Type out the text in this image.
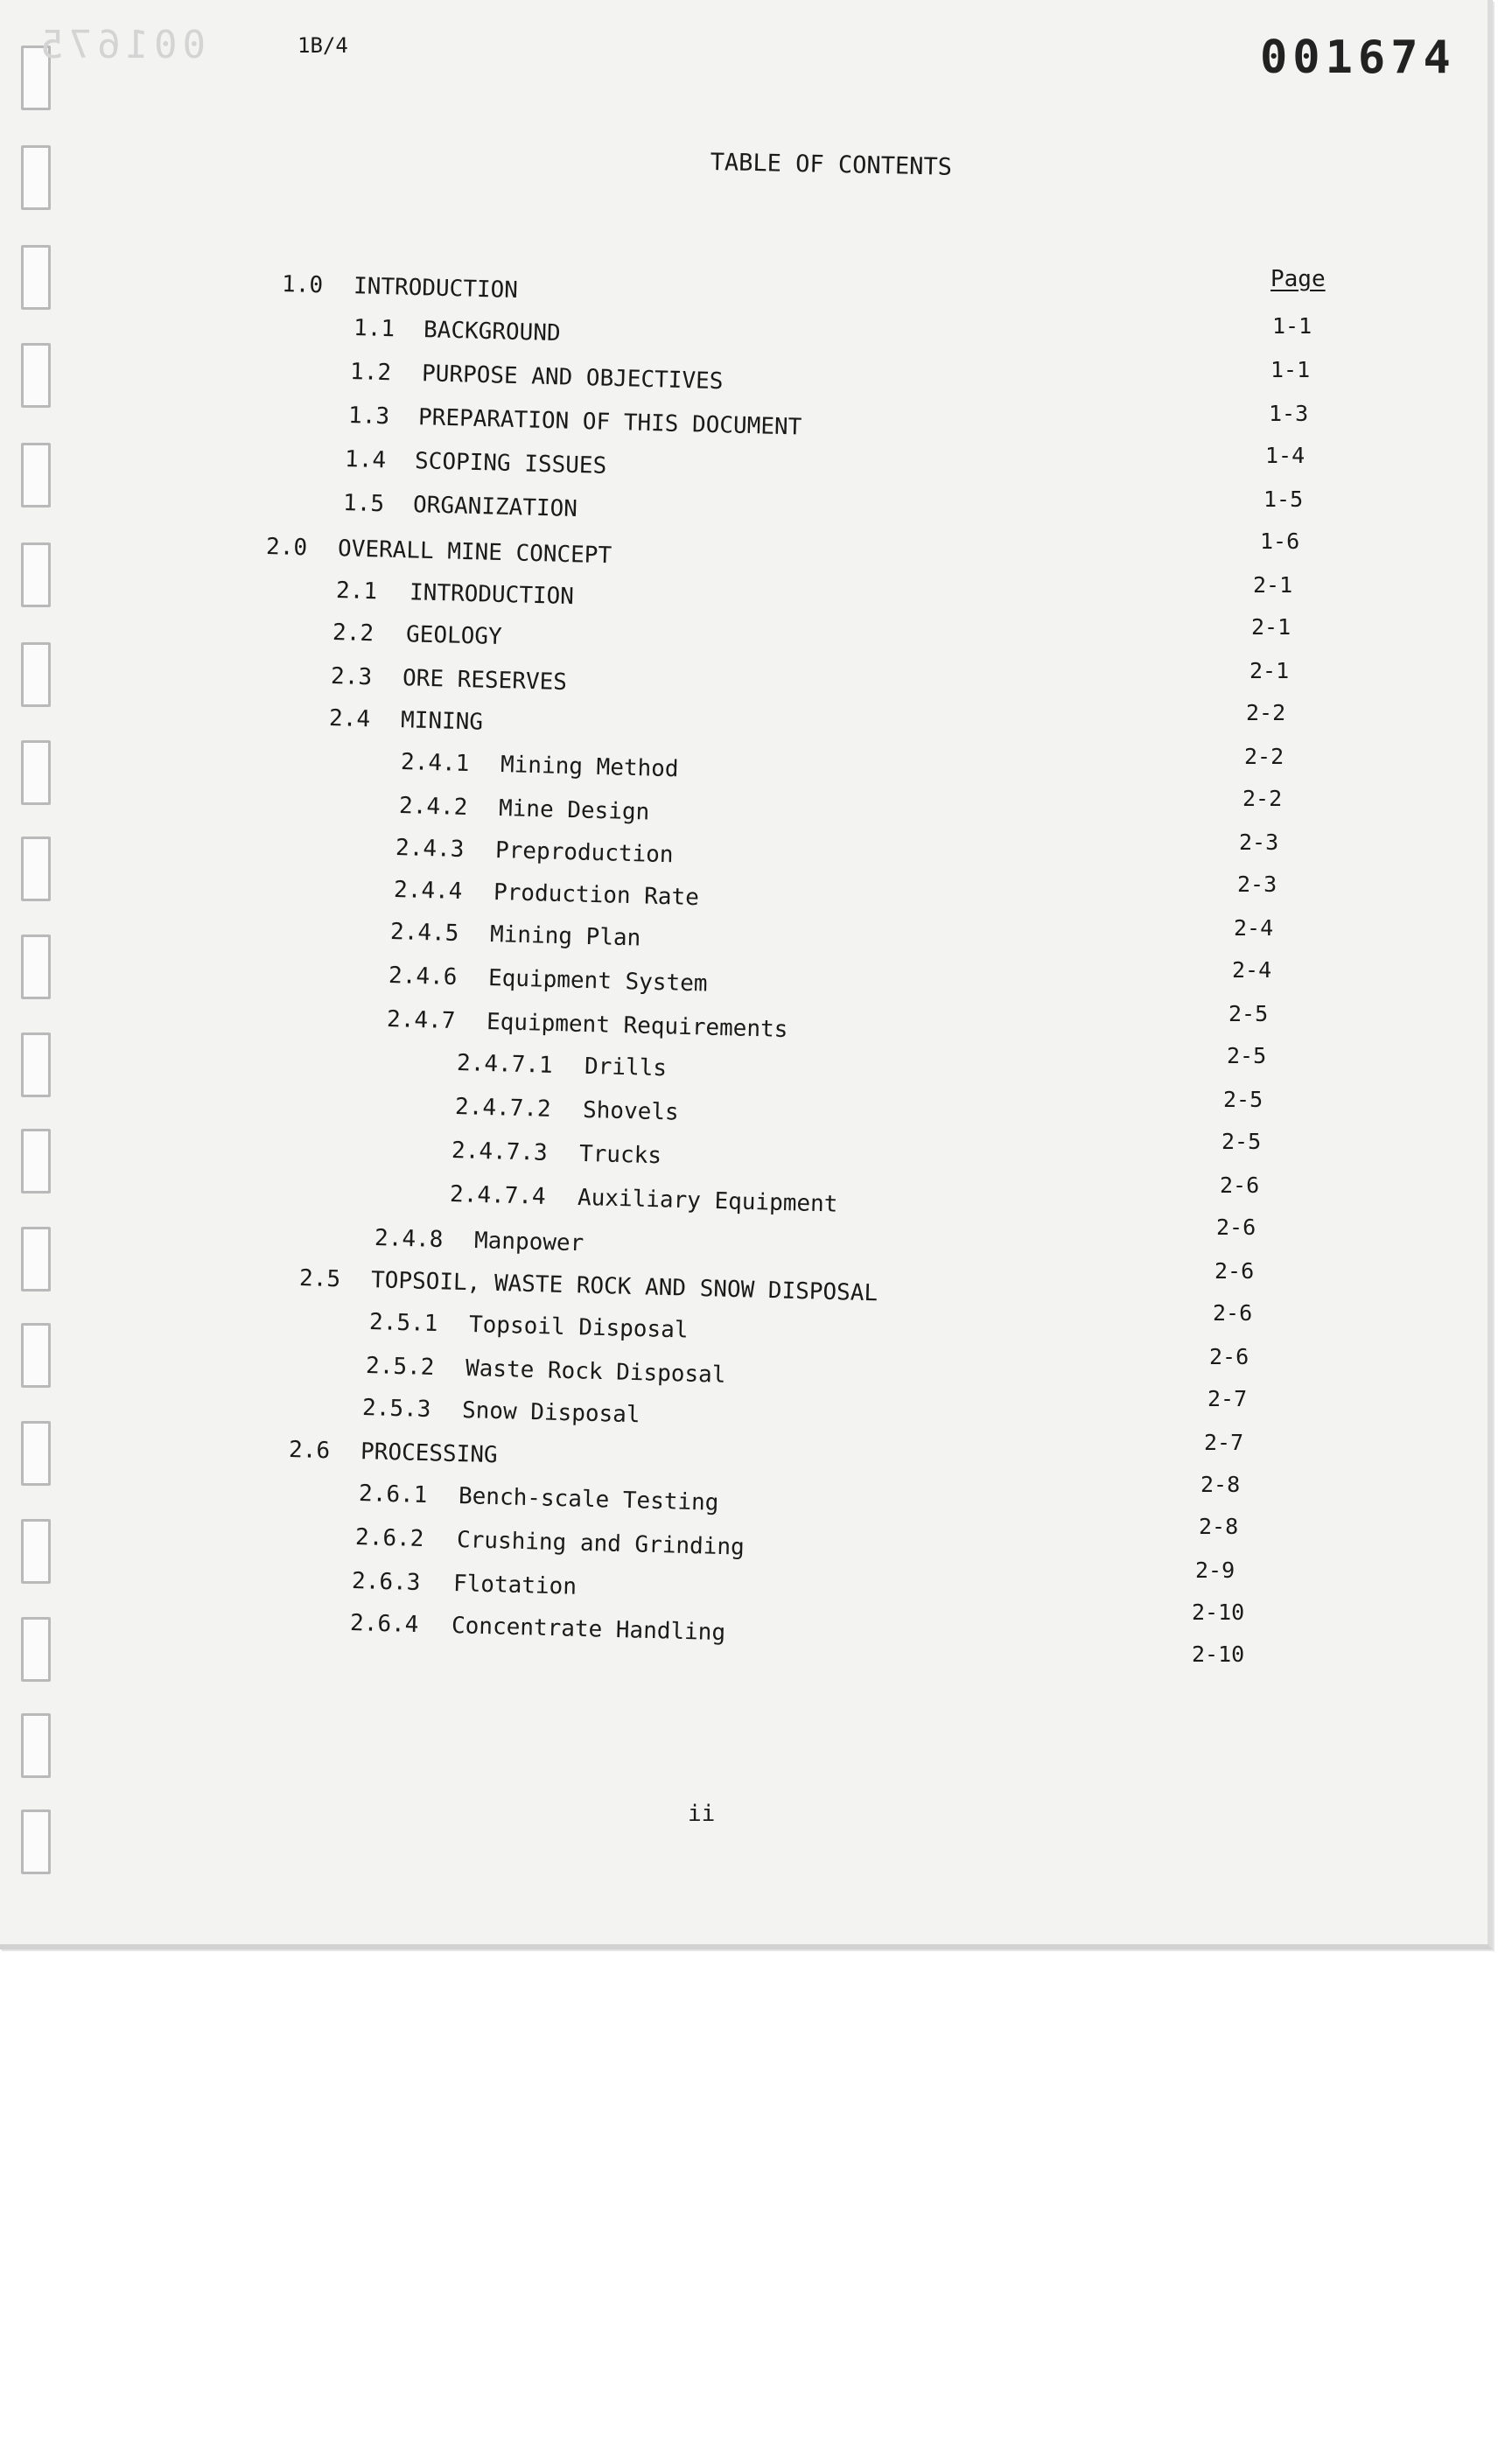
001675	1B/4	001674
TABLE OF CONTENTS
Page
1.0 INTRODUCTION
1-1
1.1 BACKGROUND
1-1
1.2 PURPOSE AND OBJECTIVES
1-3
1.3 PREPARATION OF THIS DOCUMENT
1-4
1.4 SCOPING ISSUES
1-5
1.5 ORGANIZATION
1-6
2.0 OVERALL MINE CONCEPT
2-1
2.1 INTRODUCTION
2-1
2.2 GEOLOGY
2-1
2.3 ORE RESERVES
2-2
2.4 MINING
2-2
2.4.1 Mining Method
2-2
2.4.2 Mine Design
2-3
2.4.3 Preproduction
2-3
2.4.4 Production Rate
2-4
2.4.5 Mining Plan
2-4
2.4.6 Equipment System
2-5
2.4.7 Equipment Requirements
2-5
2.4.7.1 Drills
2-5
2.4.7.2 Shovels
2-5
2.4.7.3 Trucks
2-6
2.4.7.4 Auxiliary Equipment
2-6
2.4.8 Manpower
2-6
2.5 TOPSOIL, WASTE ROCK AND SNOW DISPOSAL
2-6
2.5.1 Topsoil Disposal
2-6
2.5.2 Waste Rock Disposal
2-7
2.5.3 Snow Disposal
2-7
2.6 PROCESSING
2-8
2.6.1 Bench-scale Testing
2-8
2.6.2 Crushing and Grinding
2-9
2.6.3 Flotation
2-10
2.6.4 Concentrate Handling
2-10
ii
